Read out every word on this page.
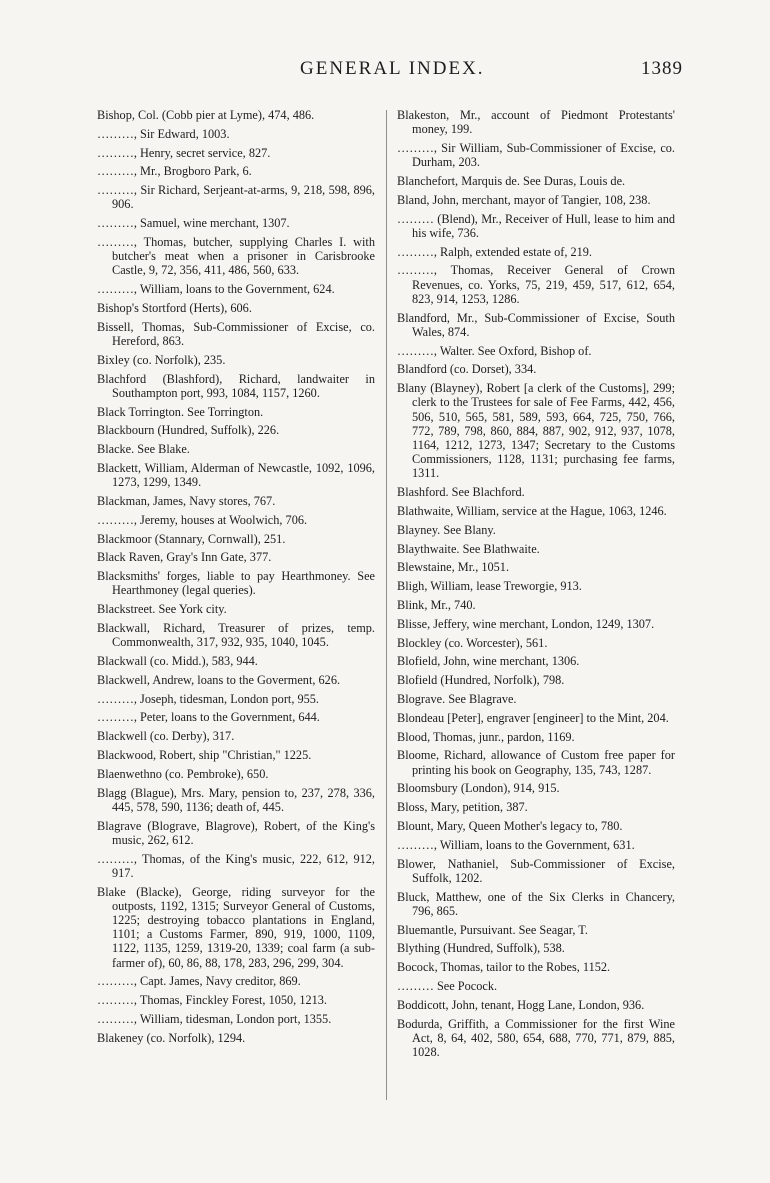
GENERAL INDEX.	1389

Bishop, Col. (Cobb pier at Lyme), 474, 486.

………, Sir Edward, 1003.

………, Henry, secret service, 827.

………, Mr., Brogboro Park, 6.

………, Sir Richard, Serjeant-at-arms, 9, 218, 598, 896, 906.

………, Samuel, wine merchant, 1307.

………, Thomas, butcher, supplying Charles I. with butcher's meat when a prisoner in Carisbrooke Castle, 9, 72, 356, 411, 486, 560, 633.

………, William, loans to the Government, 624.

Bishop's Stortford (Herts), 606.

Bissell, Thomas, Sub-Commissioner of Excise, co. Hereford, 863.

Bixley (co. Norfolk), 235.

Blachford (Blashford), Richard, landwaiter in Southampton port, 993, 1084, 1157, 1260.

Black Torrington. See Torrington.

Blackbourn (Hundred, Suffolk), 226.

Blacke. See Blake.

Blackett, William, Alderman of Newcastle, 1092, 1096, 1273, 1299, 1349.

Blackman, James, Navy stores, 767.

………, Jeremy, houses at Woolwich, 706.

Blackmoor (Stannary, Cornwall), 251.

Black Raven, Gray's Inn Gate, 377.

Blacksmiths' forges, liable to pay Hearthmoney. See Hearthmoney (legal queries).

Blackstreet. See York city.

Blackwall, Richard, Treasurer of prizes, temp. Commonwealth, 317, 932, 935, 1040, 1045.

Blackwall (co. Midd.), 583, 944.

Blackwell, Andrew, loans to the Goverment, 626.

………, Joseph, tidesman, London port, 955.

………, Peter, loans to the Government, 644.

Blackwell (co. Derby), 317.

Blackwood, Robert, ship "Christian," 1225.

Blaenwethno (co. Pembroke), 650.

Blagg (Blague), Mrs. Mary, pension to, 237, 278, 336, 445, 578, 590, 1136; death of, 445.

Blagrave (Blograve, Blagrove), Robert, of the King's music, 262, 612.

………, Thomas, of the King's music, 222, 612, 912, 917.

Blake (Blacke), George, riding surveyor for the outposts, 1192, 1315; Surveyor General of Customs, 1225; destroying tobacco plantations in England, 1101; a Customs Farmer, 890, 919, 1000, 1109, 1122, 1135, 1259, 1319-20, 1339; coal farm (a sub-farmer of), 60, 86, 88, 178, 283, 296, 299, 304.

………, Capt. James, Navy creditor, 869.

………, Thomas, Finckley Forest, 1050, 1213.

………, William, tidesman, London port, 1355.

Blakeney (co. Norfolk), 1294.

Blakeston, Mr., account of Piedmont Protestants' money, 199.

………, Sir William, Sub-Commissioner of Excise, co. Durham, 203.

Blanchefort, Marquis de. See Duras, Louis de.

Bland, John, merchant, mayor of Tangier, 108, 238.

……… (Blend), Mr., Receiver of Hull, lease to him and his wife, 736.

………, Ralph, extended estate of, 219.

………, Thomas, Receiver General of Crown Revenues, co. Yorks, 75, 219, 459, 517, 612, 654, 823, 914, 1253, 1286.

Blandford, Mr., Sub-Commissioner of Excise, South Wales, 874.

………, Walter. See Oxford, Bishop of.

Blandford (co. Dorset), 334.

Blany (Blayney), Robert [a clerk of the Customs], 299; clerk to the Trustees for sale of Fee Farms, 442, 456, 506, 510, 565, 581, 589, 593, 664, 725, 750, 766, 772, 789, 798, 860, 884, 887, 902, 912, 937, 1078, 1164, 1212, 1273, 1347; Secretary to the Customs Commissioners, 1128, 1131; purchasing fee farms, 1311.

Blashford. See Blachford.

Blathwaite, William, service at the Hague, 1063, 1246.

Blayney. See Blany.

Blaythwaite. See Blathwaite.

Blewstaine, Mr., 1051.

Bligh, William, lease Treworgie, 913.

Blink, Mr., 740.

Blisse, Jeffery, wine merchant, London, 1249, 1307.

Blockley (co. Worcester), 561.

Blofield, John, wine merchant, 1306.

Blofield (Hundred, Norfolk), 798.

Blograve. See Blagrave.

Blondeau [Peter], engraver [engineer] to the Mint, 204.

Blood, Thomas, junr., pardon, 1169.

Bloome, Richard, allowance of Custom free paper for printing his book on Geography, 135, 743, 1287.

Bloomsbury (London), 914, 915.

Bloss, Mary, petition, 387.

Blount, Mary, Queen Mother's legacy to, 780.

………, William, loans to the Government, 631.

Blower, Nathaniel, Sub-Commissioner of Excise, Suffolk, 1202.

Bluck, Matthew, one of the Six Clerks in Chancery, 796, 865.

Bluemantle, Pursuivant. See Seagar, T.

Blything (Hundred, Suffolk), 538.

Bocock, Thomas, tailor to the Robes, 1152.

……… See Pocock.

Boddicott, John, tenant, Hogg Lane, London, 936.

Bodurda, Griffith, a Commissioner for the first Wine Act, 8, 64, 402, 580, 654, 688, 770, 771, 879, 885, 1028.
